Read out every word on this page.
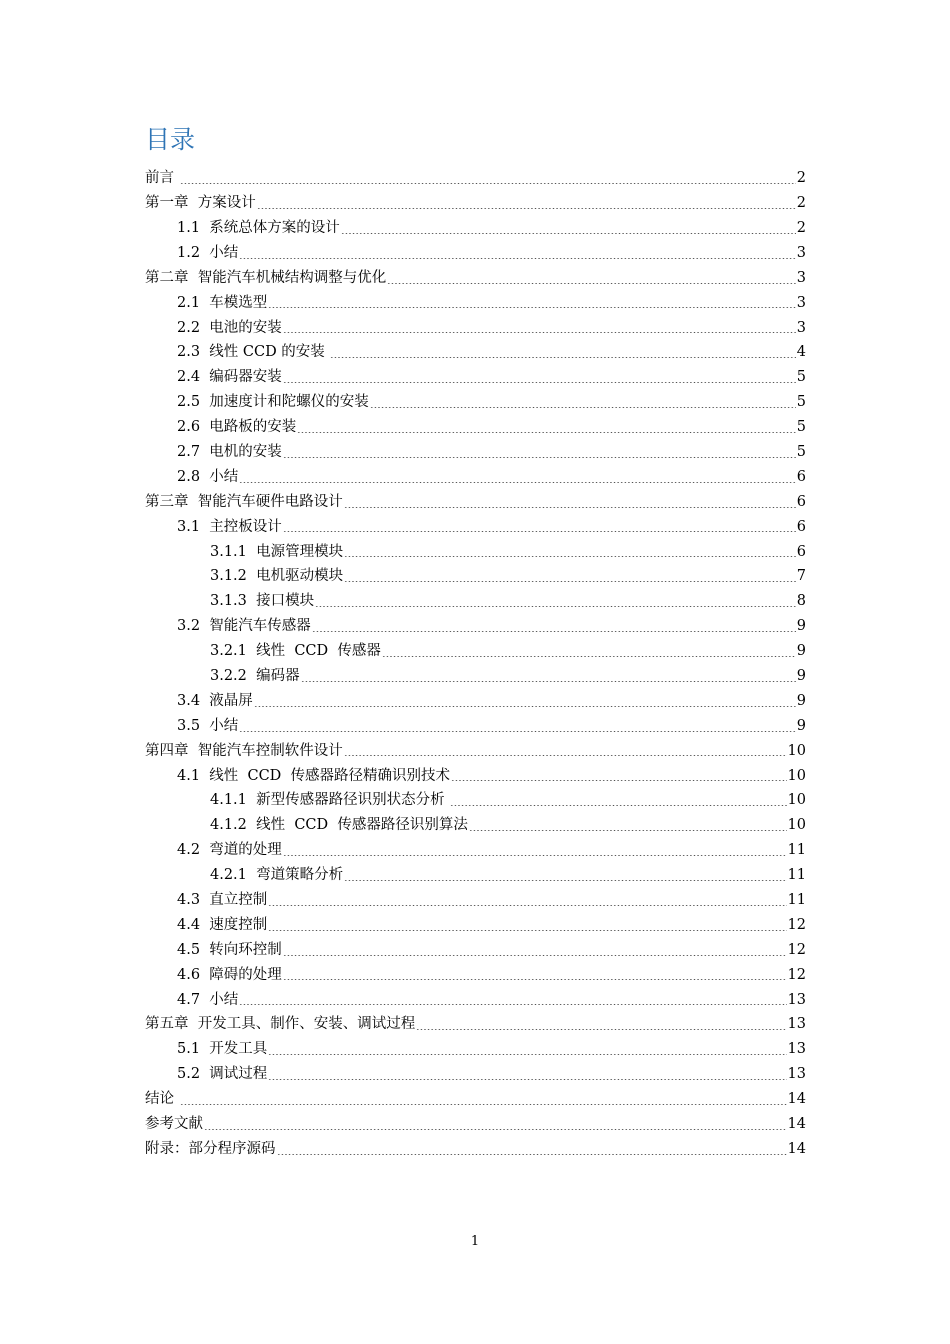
目录
前言	2
第一章  方案设计	2
1.1  系统总体方案的设计	2
1.2  小结	3
第二章  智能汽车机械结构调整与优化	3
2.1  车模选型	3
2.2  电池的安装	3
2.3  线性 CCD 的安装	4
2.4  编码器安装	5
2.5  加速度计和陀螺仪的安装	5
2.6  电路板的安装	5
2.7  电机的安装	5
2.8  小结	6
第三章  智能汽车硬件电路设计	6
3.1  主控板设计	6
3.1.1  电源管理模块	6
3.1.2  电机驱动模块	7
3.1.3  接口模块	8
3.2  智能汽车传感器	9
3.2.1  线性  CCD  传感器	9
3.2.2  编码器	9
3.4  液晶屏	9
3.5  小结	9
第四章  智能汽车控制软件设计	10
4.1  线性  CCD  传感器路径精确识别技术	10
4.1.1  新型传感器路径识别状态分析	10
4.1.2  线性  CCD  传感器路径识别算法	10
4.2  弯道的处理	11
4.2.1  弯道策略分析	11
4.3  直立控制	11
4.4  速度控制	12
4.5  转向环控制	12
4.6  障碍的处理	12
4.7  小结	13
第五章  开发工具、制作、安装、调试过程	13
5.1  开发工具	13
5.2  调试过程	13
结论	14
参考文献	14
附录：部分程序源码	14
1
